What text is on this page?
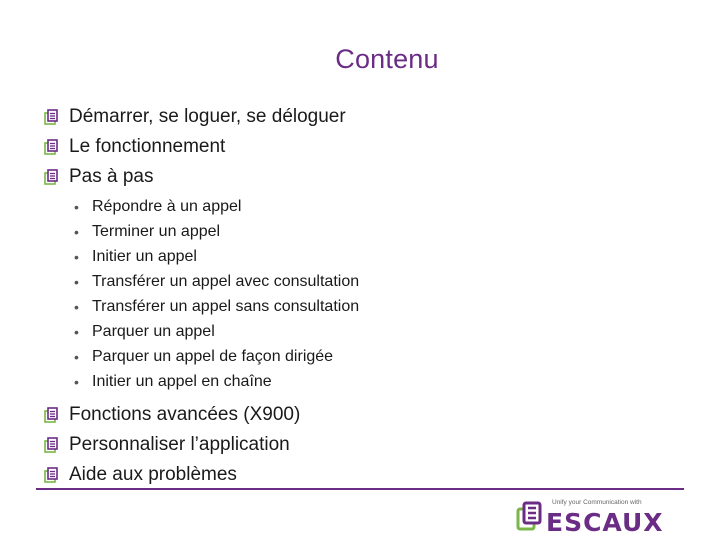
Contenu
Démarrer, se loguer, se déloguer
Le fonctionnement
Pas à pas
• Répondre à un appel
• Terminer un appel
• Initier un appel
• Transférer un appel avec consultation
• Transférer un appel sans consultation
• Parquer un appel
• Parquer un appel de façon dirigée
• Initier un appel en chaîne
Fonctions avancées (X900)
Personnaliser l’application
Aide aux problèmes
Unify your Communication with
ESCAUX
